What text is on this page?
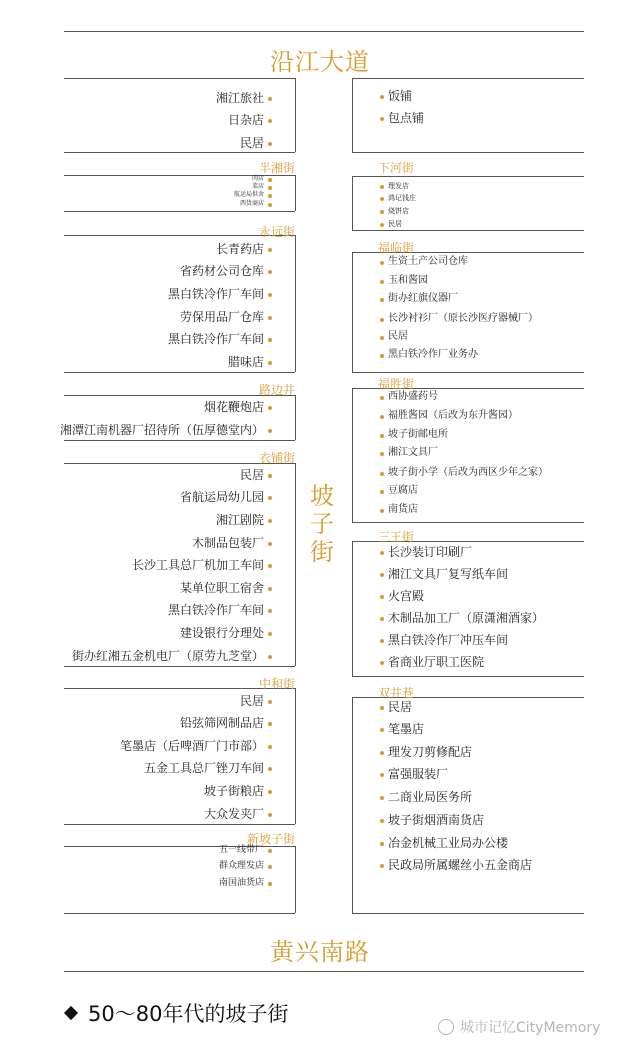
沿江大道
黄兴南路
坡
子
街
湘江旅社
日杂店
民居
半湘街
肉店
菜店
航运局供舍
西货商店
永远街
长青药店
省药材公司仓库
黑白铁冷作厂车间
劳保用品厂仓库
黑白铁冷作厂车间
腊味店
路边井
烟花鞭炮店
湘潭江南机器厂招待所（伍厚德堂内）
衣铺街
民居
省航运局幼儿园
湘江剧院
木制品包装厂
长沙工具总厂机加工车间
某单位职工宿舍
黑白铁冷作厂车间
建设银行分理处
街办红湘五金机电厂（原劳九芝堂）
中和街
民居
铅弦筛网制品店
笔墨店（后啤酒厂门市部）
五金工具总厂锉刀车间
坡子街粮店
大众发夹厂
新坡子街
五一线带厂
群众理发店
南国油货店
饭铺
包点铺
下河街
理发店
鸿记钱庄
烧饼店
民居
福临街
生资土产公司仓库
玉和酱园
街办红旗仪器厂
长沙衬衫厂（原长沙医疗器械厂）
民居
黑白铁冷作厂业务办
福胜街
西协盛药号
福胜酱园（后改为东升酱园）
坡子街邮电所
湘江文具厂
坡子街小学（后改为西区少年之家）
豆腐店
南货店
三王街
长沙装订印刷厂
湘江文具厂复写纸车间
火宫殿
木制品加工厂（原潇湘酒家）
黑白铁冷作厂冲压车间
省商业厅职工医院
双井巷
民居
笔墨店
理发刀剪修配店
富强服装厂
二商业局医务所
坡子街烟酒南货店
冶金机械工业局办公楼
民政局所属螺丝小五金商店
50～80年代的坡子街
城市记忆CityMemory
